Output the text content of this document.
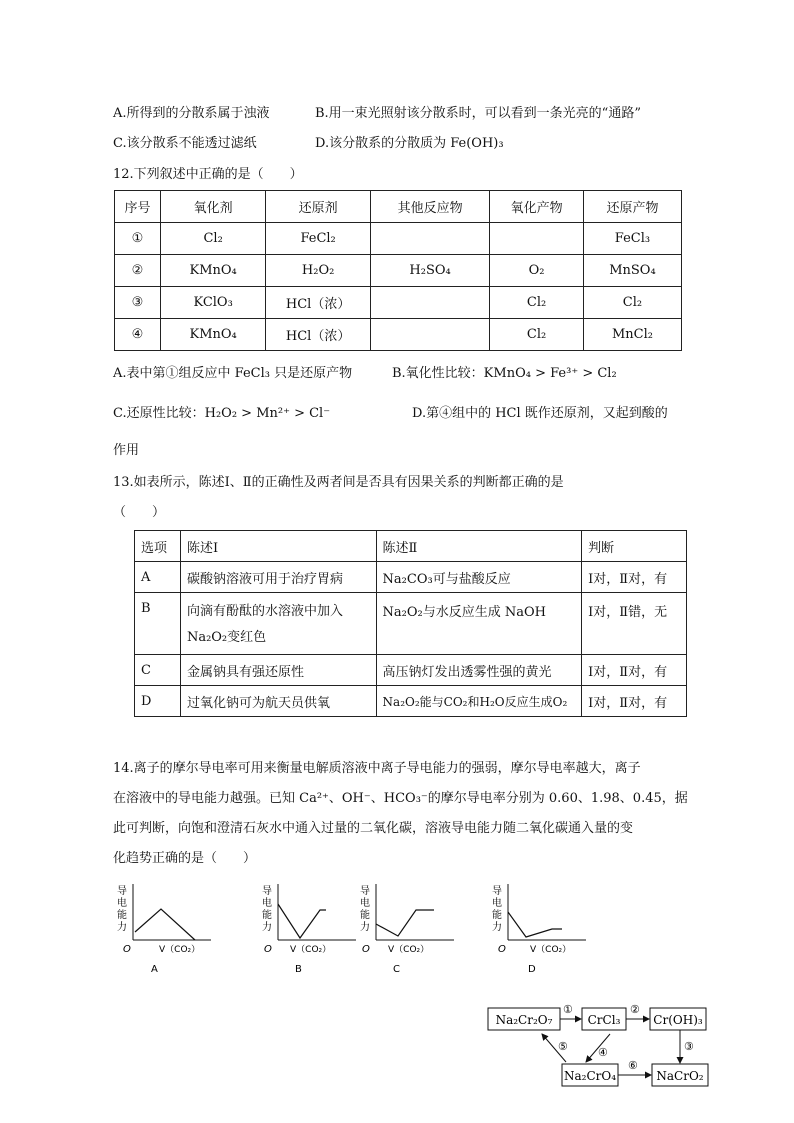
A.所得到的分散系属于浊液	B.用一束光照射该分散系时，可以看到一条光亮的“通路”
C.该分散系不能透过滤纸	D.该分散系的分散质为 Fe(OH)₃
12.下列叙述中正确的是（　　）
序号	氧化剂	还原剂	其他反应物	氧化产物	还原产物
①	Cl₂	FeCl₂			FeCl₃
②	KMnO₄	H₂O₂	H₂SO₄	O₂	MnSO₄
③	KClO₃	HCl（浓）		Cl₂	Cl₂
④	KMnO₄	HCl（浓）		Cl₂	MnCl₂
A.表中第①组反应中 FeCl₃ 只是还原产物	B.氧化性比较：KMnO₄ > Fe³⁺ > Cl₂
C.还原性比较：H₂O₂ > Mn²⁺ > Cl⁻	D.第④组中的 HCl 既作还原剂，又起到酸的
作用
13.如表所示，陈述Ⅰ、Ⅱ的正确性及两者间是否具有因果关系的判断都正确的是
（　　）
选项	陈述Ⅰ	陈述Ⅱ	判断
A	碳酸钠溶液可用于治疗胃病	Na₂CO₃可与盐酸反应	Ⅰ对，Ⅱ对，有
B	向滴有酚酞的水溶液中加入
Na₂O₂变红色	Na₂O₂与水反应生成 NaOH	Ⅰ对，Ⅱ错，无
C	金属钠具有强还原性	高压钠灯发出透雾性强的黄光	Ⅰ对，Ⅱ对，有
D	过氧化钠可为航天员供氧	Na₂O₂能与CO₂和H₂O反应生成O₂	Ⅰ对，Ⅱ对，有
14.离子的摩尔导电率可用来衡量电解质溶液中离子导电能力的强弱，摩尔导电率越大，离子
在溶液中的导电能力越强。已知 Ca²⁺、OH⁻、HCO₃⁻的摩尔导电率分别为 0.60、1.98、0.45，据
此可判断，向饱和澄清石灰水中通入过量的二氧化碳，溶液导电能力随二氧化碳通入量的变
化趋势正确的是（　　）
导
电
能
力
O	V（CO₂）
A
导
电
能
力
O V（CO₂）
B
导
电
能
力
O V（CO₂）
C
导
电
能
力
O	V（CO₂）
D
Na₂Cr₂O₇	CrCl₃	Cr(OH)₃
Na₂CrO₄	NaCrO₂
①	②
③
④
⑤
⑥
